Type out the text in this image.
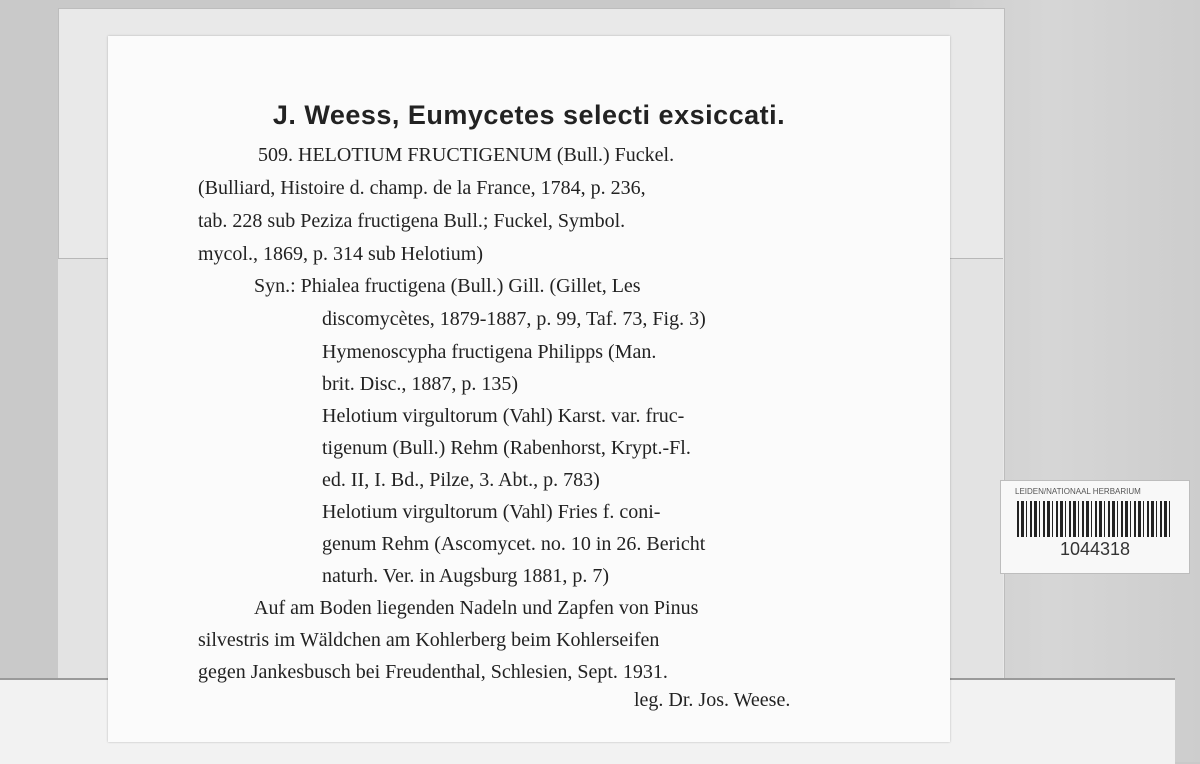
J. Weess, Eumycetes selecti exsiccati.
509. HELOTIUM FRUCTIGENUM (Bull.) Fuckel.
(Bulliard, Histoire d. champ. de la France, 1784, p. 236,
tab. 228 sub Peziza fructigena Bull.; Fuckel, Symbol.
mycol., 1869, p. 314 sub Helotium)
Syn.: Phialea fructigena (Bull.) Gill. (Gillet, Les
discomycètes, 1879-1887, p. 99, Taf. 73, Fig. 3)
Hymenoscypha fructigena Philipps (Man.
brit. Disc., 1887, p. 135)
Helotium virgultorum (Vahl) Karst. var. fruc-
tigenum (Bull.) Rehm (Rabenhorst, Krypt.-Fl.
ed. II, I. Bd., Pilze, 3. Abt., p. 783)
Helotium virgultorum (Vahl) Fries f. coni-
genum Rehm (Ascomycet. no. 10 in 26. Bericht
naturh. Ver. in Augsburg 1881, p. 7)
Auf am Boden liegenden Nadeln und Zapfen von Pinus
silvestris im Wäldchen am Kohlerberg beim Kohlerseifen
gegen Jankesbusch bei Freudenthal, Schlesien, Sept. 1931.
leg. Dr. Jos. Weese.
LEIDEN/NATIONAAL HERBARIUM
1044318
